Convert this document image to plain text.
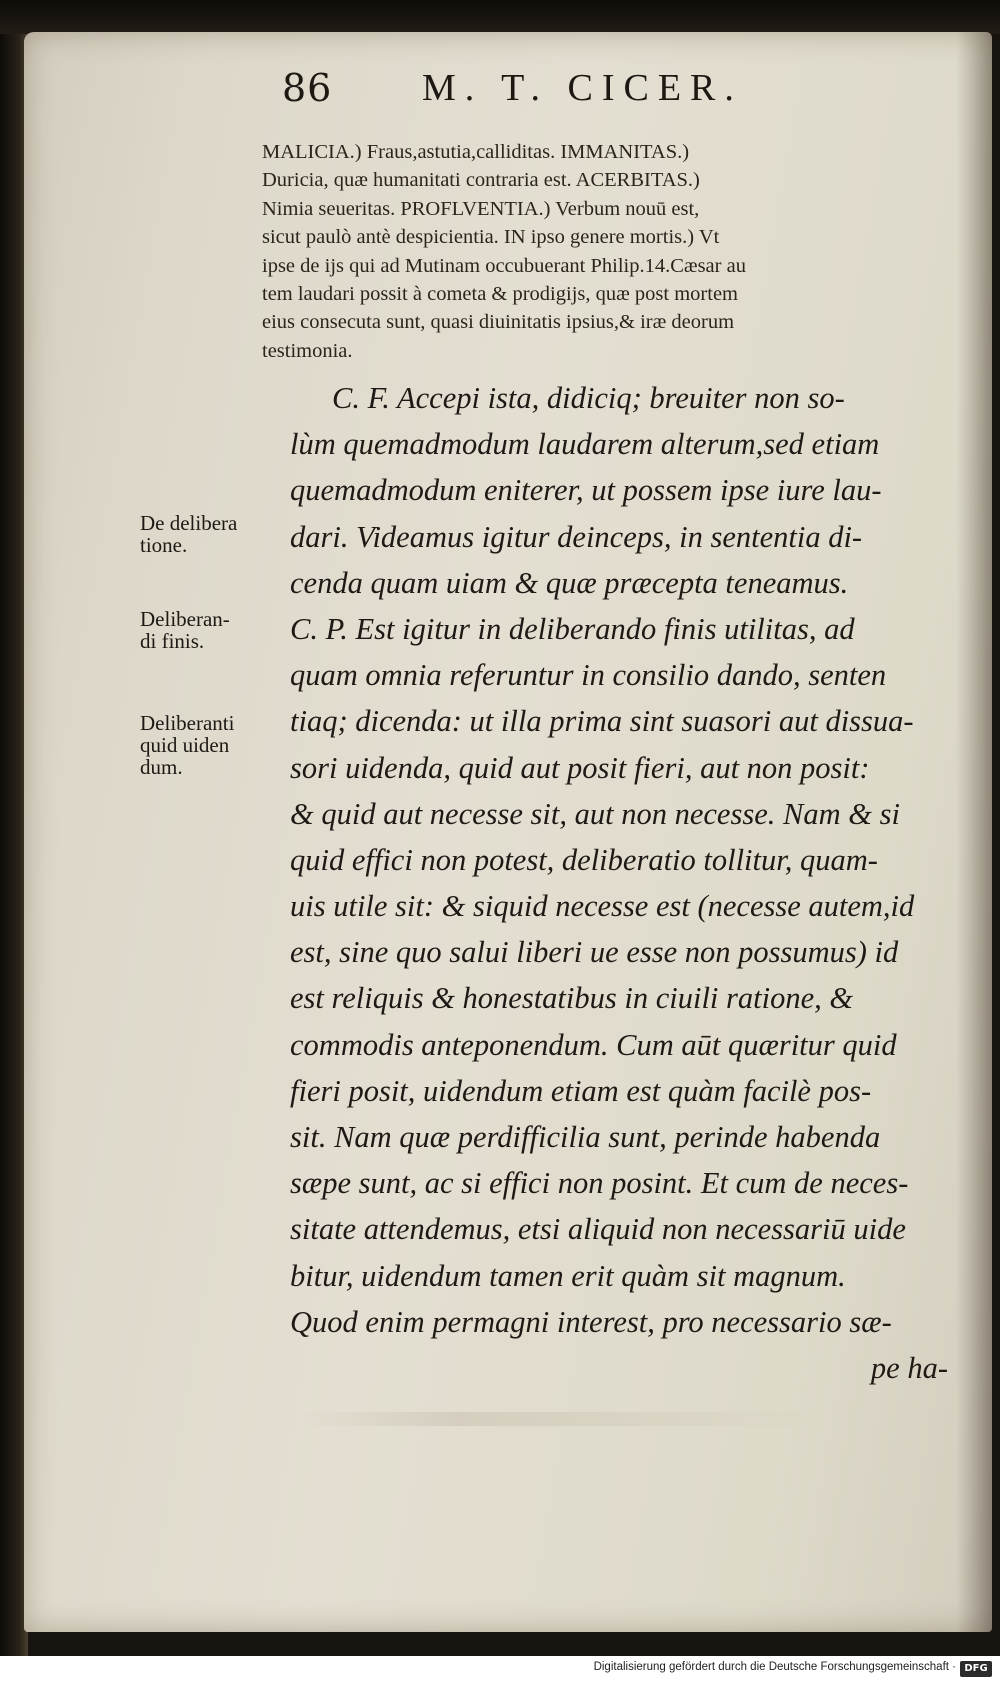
86 M. T. CICER.
MALICIA.) Fraus,astutia,calliditas. IMMANITAS.)
Duricia, quæ humanitati contraria est. ACERBITAS.)
Nimia seueritas. PROFLVENTIA.) Verbum nouū est,
sicut paulò antè despicientia. IN ipso genere mortis.) Vt
ipse de ijs qui ad Mutinam occubuerant Philip.14.Cæsar au
tem laudari possit à cometa & prodigijs, quæ post mortem
eius consecuta sunt, quasi diuinitatis ipsius,& iræ deorum
testimonia.
C. F. Accepi ista, didiciq; breuiter non so-
lùm quemadmodum laudarem alterum,sed etiam
quemadmodum eniterer, ut possem ipse iure lau-
dari. Videamus igitur deinceps, in sententia di-
cenda quam uiam & quæ præcepta teneamus.
C. P. Est igitur in deliberando finis utilitas, ad
quam omnia referuntur in consilio dando, senten
tiaq; dicenda: ut illa prima sint suasori aut dissua-
sori uidenda, quid aut posit fieri, aut non posit:
& quid aut necesse sit, aut non necesse. Nam & si
quid effici non potest, deliberatio tollitur, quam-
uis utile sit: & siquid necesse est (necesse autem,id
est, sine quo salui liberi ue esse non possumus) id
est reliquis & honestatibus in ciuili ratione, &
commodis anteponendum. Cum aūt quæritur quid
fieri posit, uidendum etiam est quàm facilè pos-
sit. Nam quæ perdifficilia sunt, perinde habenda
sæpe sunt, ac si effici non posint. Et cum de neces-
sitate attendemus, etsi aliquid non necessariū uide
bitur, uidendum tamen erit quàm sit magnum.
Quod enim permagni interest, pro necessario sæ-
pe ha-
De delibera
tione.
Deliberan-
di finis.
Deliberanti
quid uiden
dum.
Digitalisierung gefördert durch die Deutsche Forschungsgemeinschaft · DFG
